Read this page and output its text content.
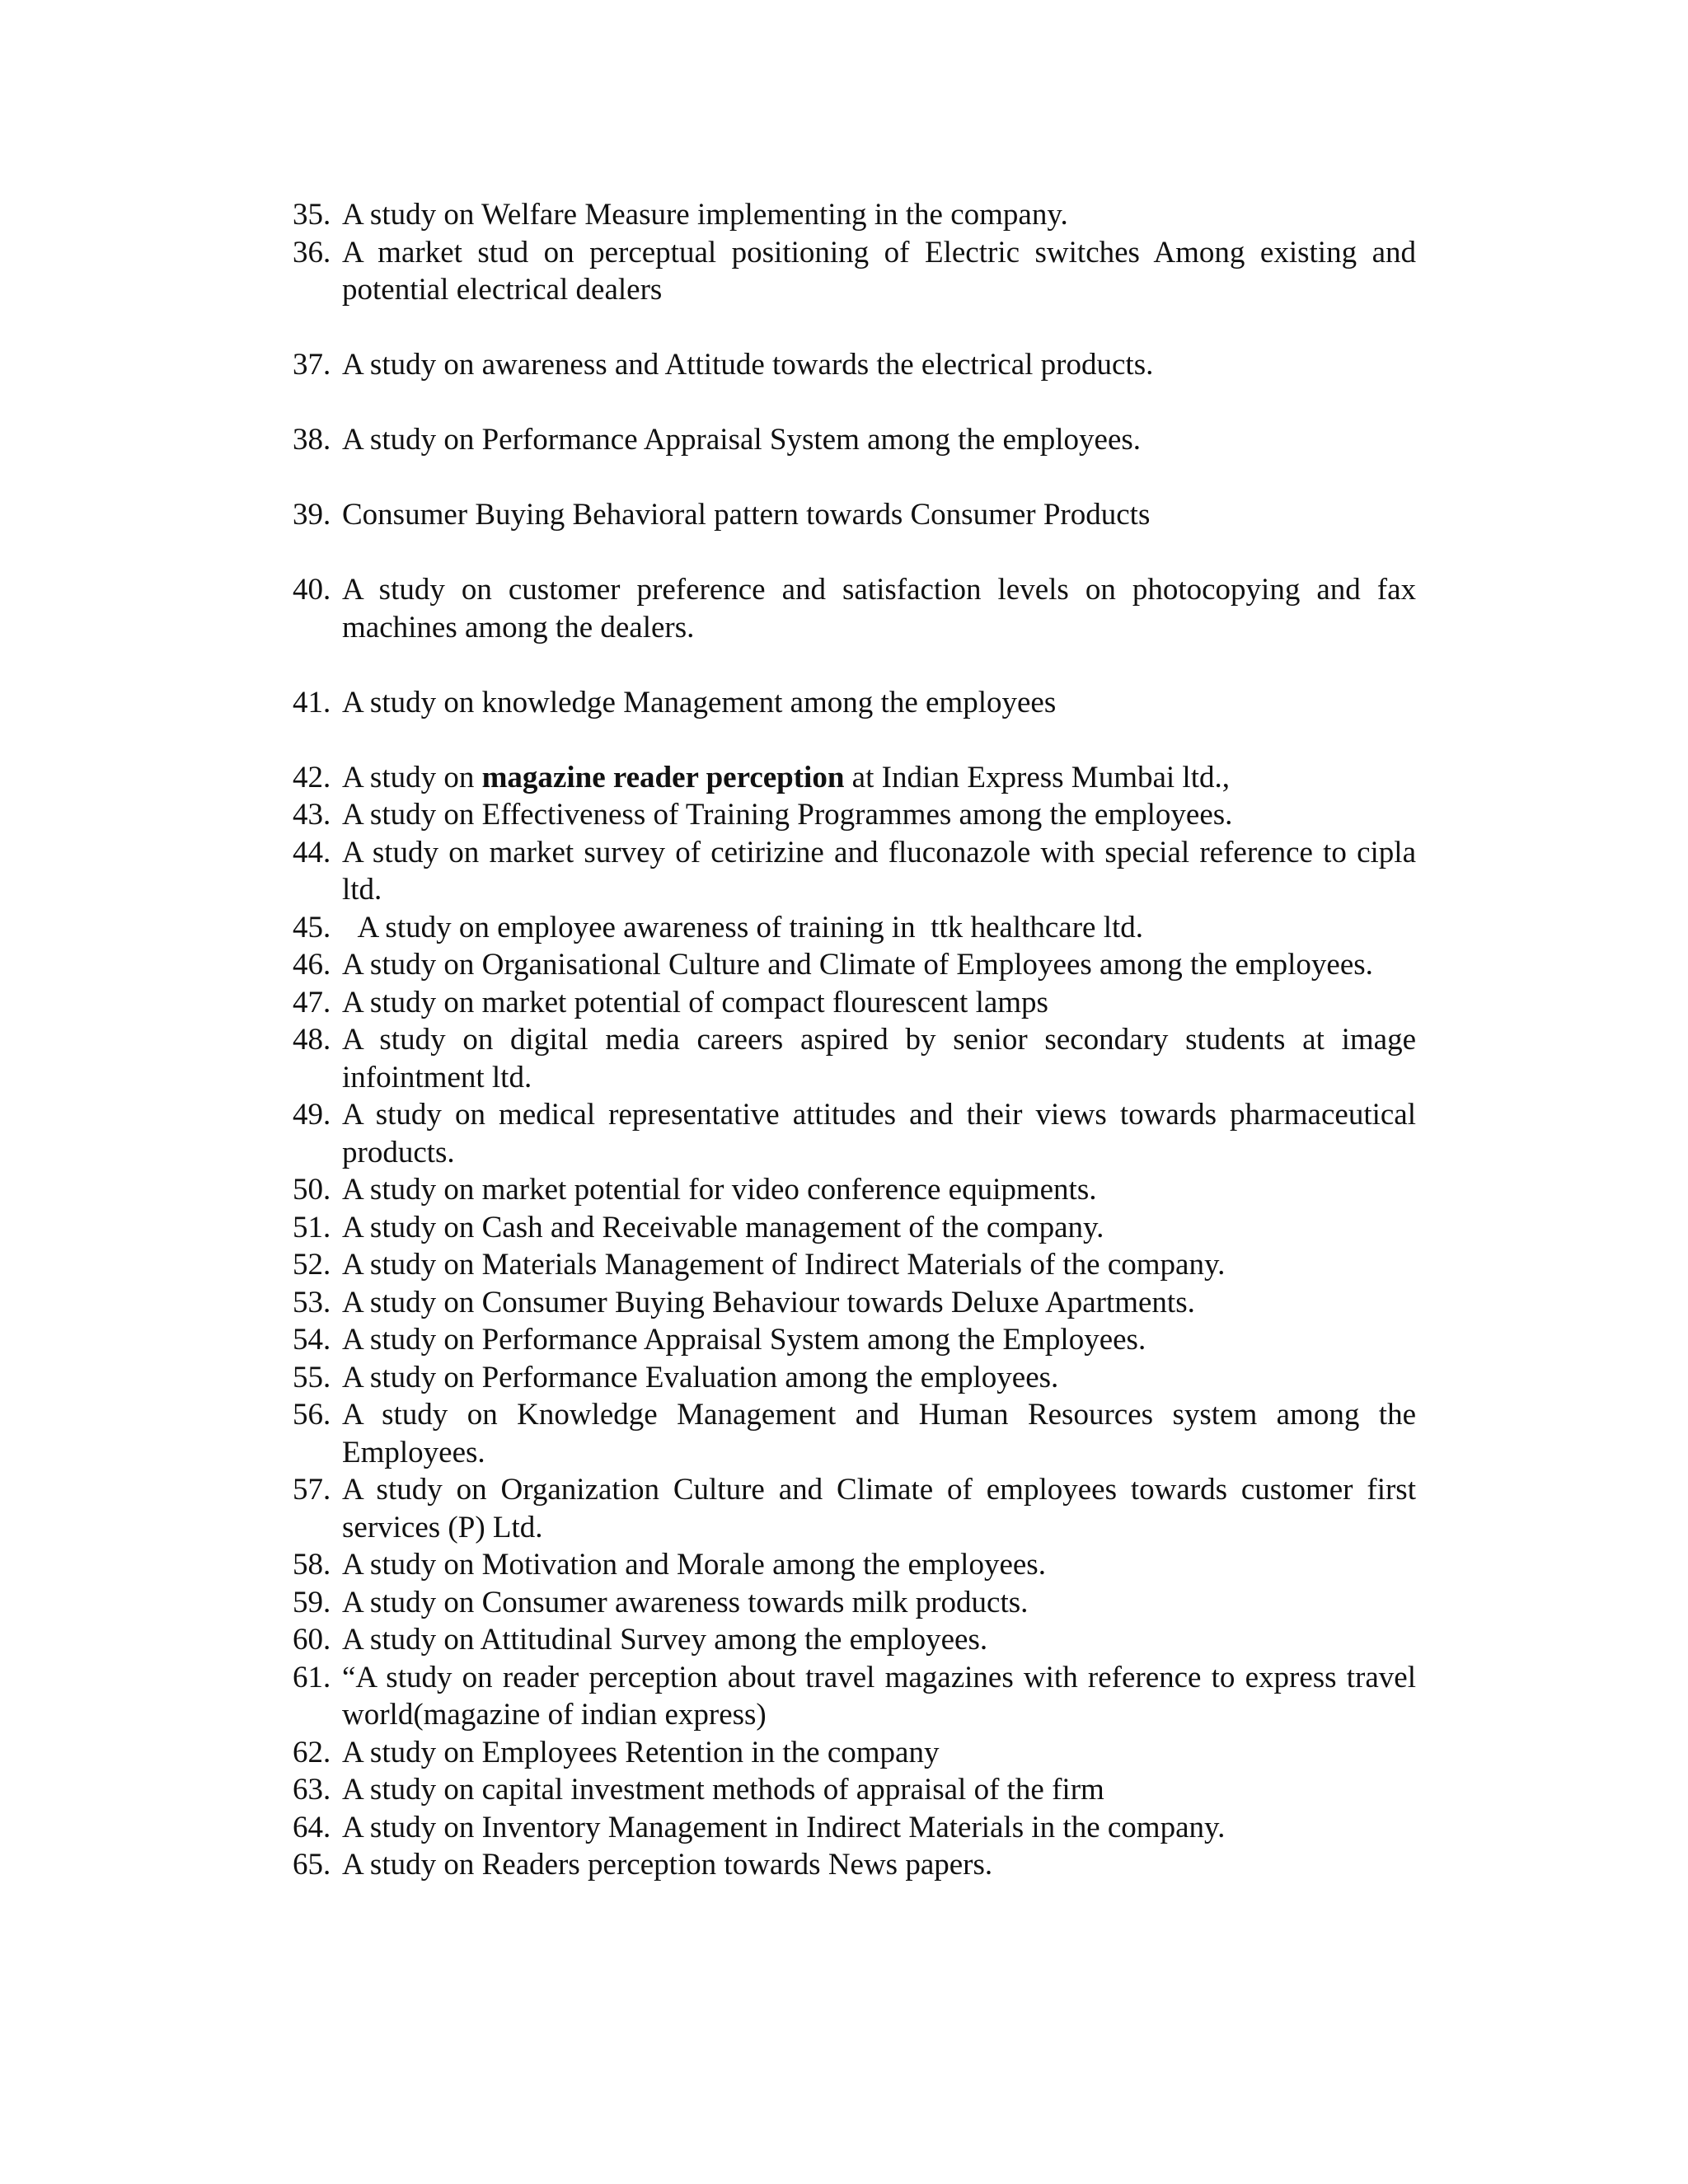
35. A study on Welfare Measure implementing in the company.
36. A market stud on perceptual positioning of Electric switches Among existing and potential electrical dealers
37. A study on awareness and Attitude towards the electrical products.
38. A study on Performance Appraisal System among the employees.
39. Consumer Buying Behavioral pattern towards Consumer Products
40. A study on customer preference and satisfaction levels on photocopying and fax machines among the dealers.
41. A study on knowledge Management among the employees
42. A study on magazine reader perception at Indian Express Mumbai ltd.,
43. A study on Effectiveness of Training Programmes among the employees.
44. A study on market survey of cetirizine and fluconazole with special reference to cipla ltd.
45. A study on employee awareness of training in  ttk healthcare ltd.
46. A study on Organisational Culture and Climate of Employees among the employees.
47. A study on market potential of compact flourescent lamps
48. A study on digital media careers aspired by senior secondary students at image infointment ltd.
49. A study on medical representative attitudes and their views towards pharmaceutical products.
50. A study on market potential for video conference equipments.
51. A study on Cash and Receivable management of the company.
52. A study on Materials Management of Indirect Materials of the company.
53. A study on Consumer Buying Behaviour towards Deluxe Apartments.
54. A study on Performance Appraisal System among the Employees.
55. A study on Performance Evaluation among the employees.
56. A study on Knowledge Management and Human Resources system among the Employees.
57. A study on Organization Culture and Climate of employees towards customer first services (P) Ltd.
58. A study on Motivation and Morale among the employees.
59. A study on Consumer awareness towards milk products.
60. A study on Attitudinal Survey among the employees.
61. “A study on reader perception about travel magazines with reference to express travel world(magazine of indian express)
62. A study on Employees Retention in the company
63. A study on capital investment methods of appraisal of the firm
64. A study on Inventory Management in Indirect Materials in the company.
65. A study on Readers perception towards News papers.
